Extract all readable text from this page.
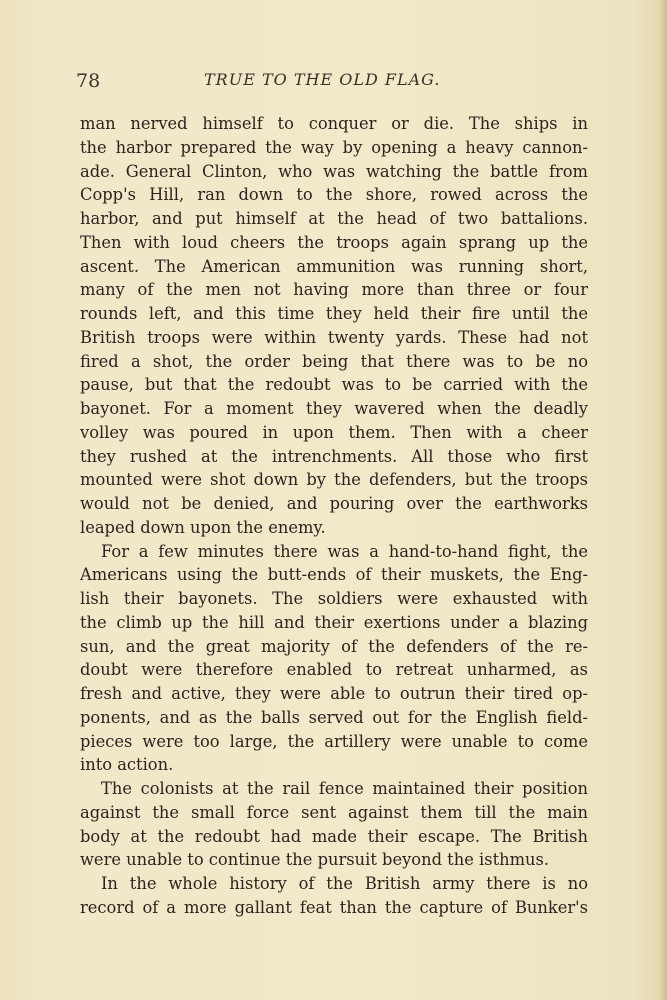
78	TRUE TO THE OLD FLAG.
man nerved himself to conquer or die. The ships in
the harbor prepared the way by opening a heavy cannon-
ade. General Clinton, who was watching the battle from
Copp's Hill, ran down to the shore, rowed across the
harbor, and put himself at the head of two battalions.
Then with loud cheers the troops again sprang up the
ascent. The American ammunition was running short,
many of the men not having more than three or four
rounds left, and this time they held their fire until the
British troops were within twenty yards. These had not
fired a shot, the order being that there was to be no
pause, but that the redoubt was to be carried with the
bayonet. For a moment they wavered when the deadly
volley was poured in upon them. Then with a cheer
they rushed at the intrenchments. All those who first
mounted were shot down by the defenders, but the troops
would not be denied, and pouring over the earthworks
leaped down upon the enemy.
For a few minutes there was a hand-to-hand fight, the
Americans using the butt-ends of their muskets, the Eng-
lish their bayonets. The soldiers were exhausted with
the climb up the hill and their exertions under a blazing
sun, and the great majority of the defenders of the re-
doubt were therefore enabled to retreat unharmed, as
fresh and active, they were able to outrun their tired op-
ponents, and as the balls served out for the English field-
pieces were too large, the artillery were unable to come
into action.
The colonists at the rail fence maintained their position
against the small force sent against them till the main
body at the redoubt had made their escape. The British
were unable to continue the pursuit beyond the isthmus.
In the whole history of the British army there is no
record of a more gallant feat than the capture of Bunker's
